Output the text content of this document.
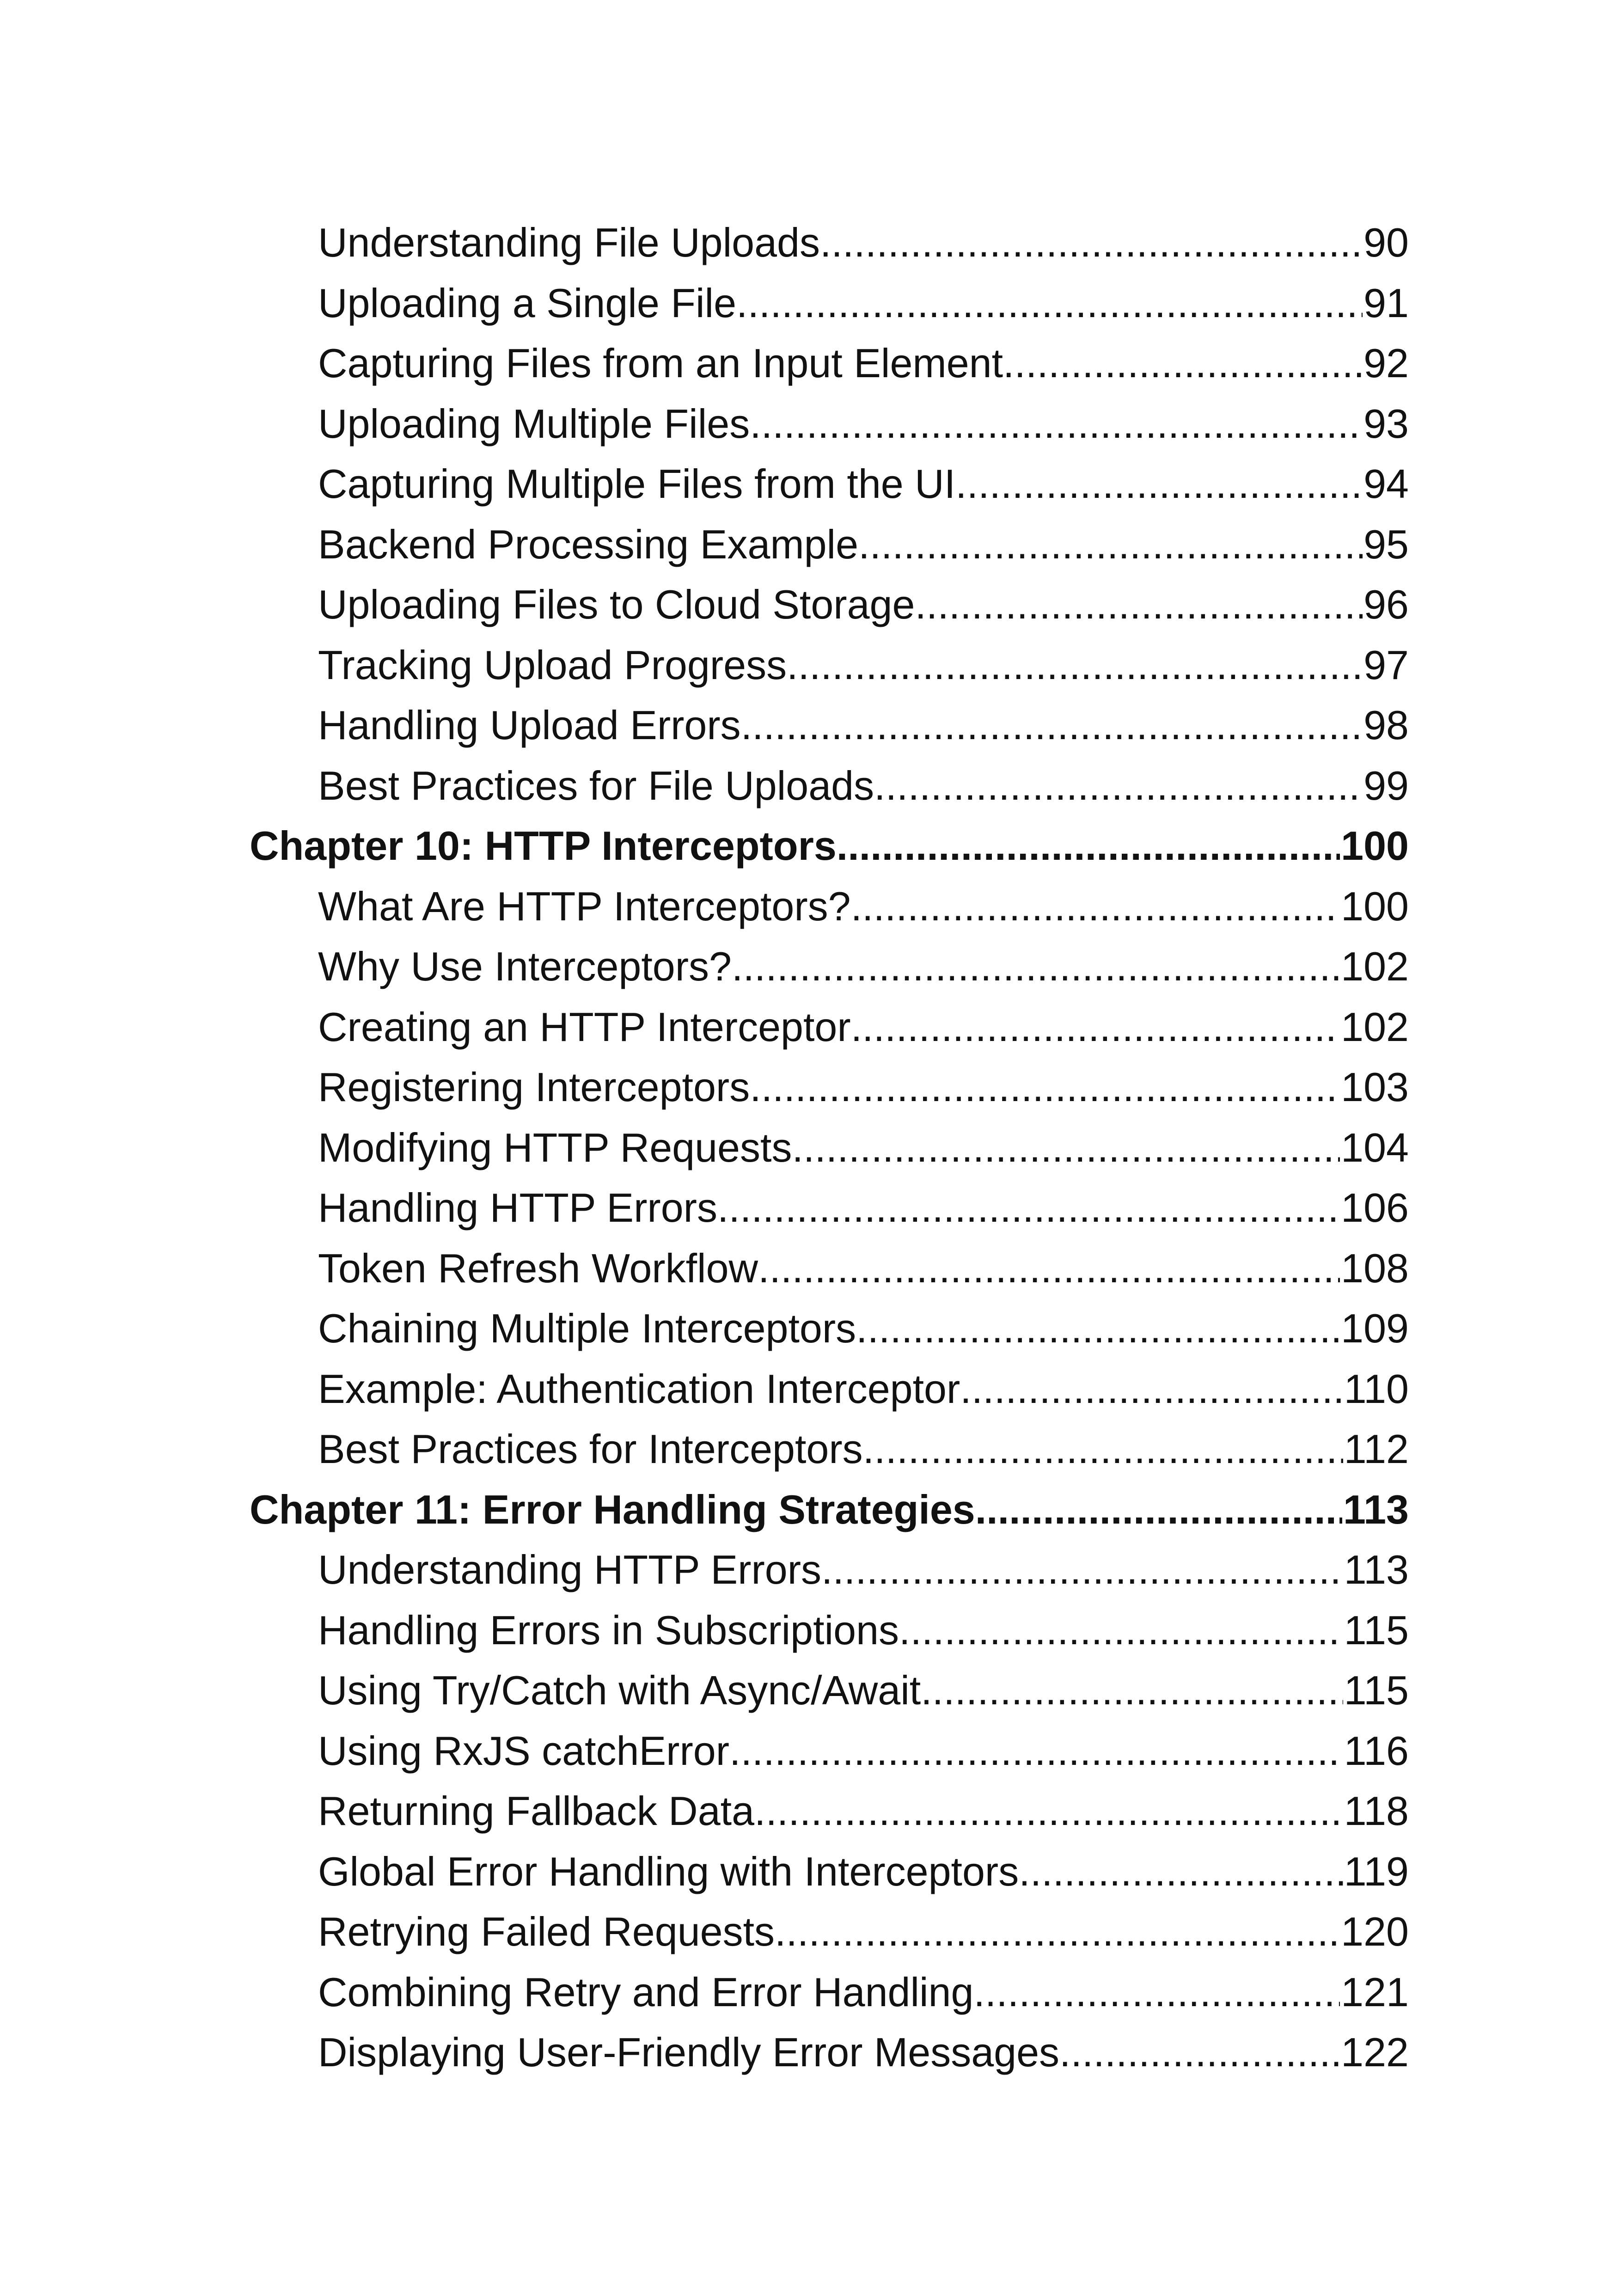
Understanding File Uploads .....	90
Uploading a Single File .....	91
Capturing Files from an Input Element .....	92
Uploading Multiple Files .....	93
Capturing Multiple Files from the UI .....	94
Backend Processing Example .....	95
Uploading Files to Cloud Storage .....	96
Tracking Upload Progress .....	97
Handling Upload Errors .....	98
Best Practices for File Uploads .....	99
Chapter 10: HTTP Interceptors .....	100
What Are HTTP Interceptors? .....	100
Why Use Interceptors? .....	102
Creating an HTTP Interceptor .....	102
Registering Interceptors .....	103
Modifying HTTP Requests .....	104
Handling HTTP Errors .....	106
Token Refresh Workflow .....	108
Chaining Multiple Interceptors .....	109
Example: Authentication Interceptor .....	110
Best Practices for Interceptors .....	112
Chapter 11: Error Handling Strategies .....	113
Understanding HTTP Errors .....	113
Handling Errors in Subscriptions .....	115
Using Try/Catch with Async/Await .....	115
Using RxJS catchError .....	116
Returning Fallback Data .....	118
Global Error Handling with Interceptors .....	119
Retrying Failed Requests .....	120
Combining Retry and Error Handling .....	121
Displaying User-Friendly Error Messages .....	122
